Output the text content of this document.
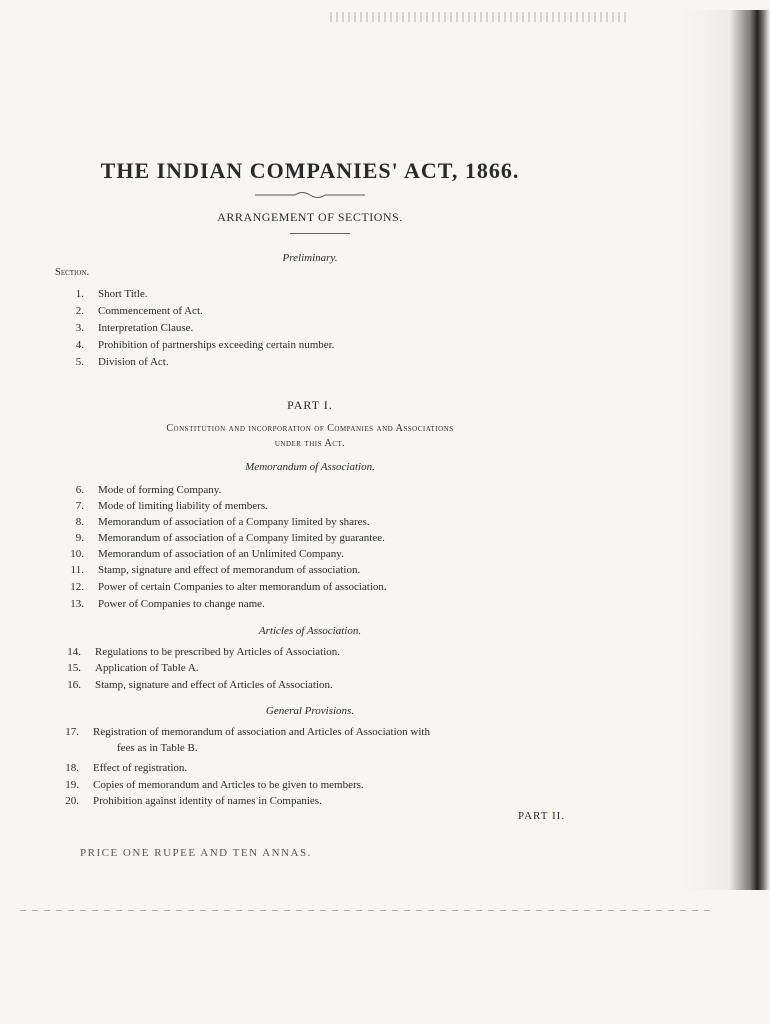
THE INDIAN COMPANIES' ACT, 1866.
ARRANGEMENT OF SECTIONS.
Preliminary.
Section.
1. Short Title.
2. Commencement of Act.
3. Interpretation Clause.
4. Prohibition of partnerships exceeding certain number.
5. Division of Act.
PART I.
Constitution and incorporation of Companies and Associations
under this Act.
Memorandum of Association.
6. Mode of forming Company.
7. Mode of limiting liability of members.
8. Memorandum of association of a Company limited by shares.
9. Memorandum of association of a Company limited by guarantee.
10. Memorandum of association of an Unlimited Company.
11. Stamp, signature and effect of memorandum of association.
12. Power of certain Companies to alter memorandum of association.
13. Power of Companies to change name.
Articles of Association.
14. Regulations to be prescribed by Articles of Association.
15. Application of Table A.
16. Stamp, signature and effect of Articles of Association.
General Provisions.
17. Registration of memorandum of association and Articles of Association with
fees as in Table B.
18. Effect of registration.
19. Copies of memorandum and Articles to be given to members.
20. Prohibition against identity of names in Companies.
PART II.
PRICE ONE RUPEE AND TEN ANNAS.
